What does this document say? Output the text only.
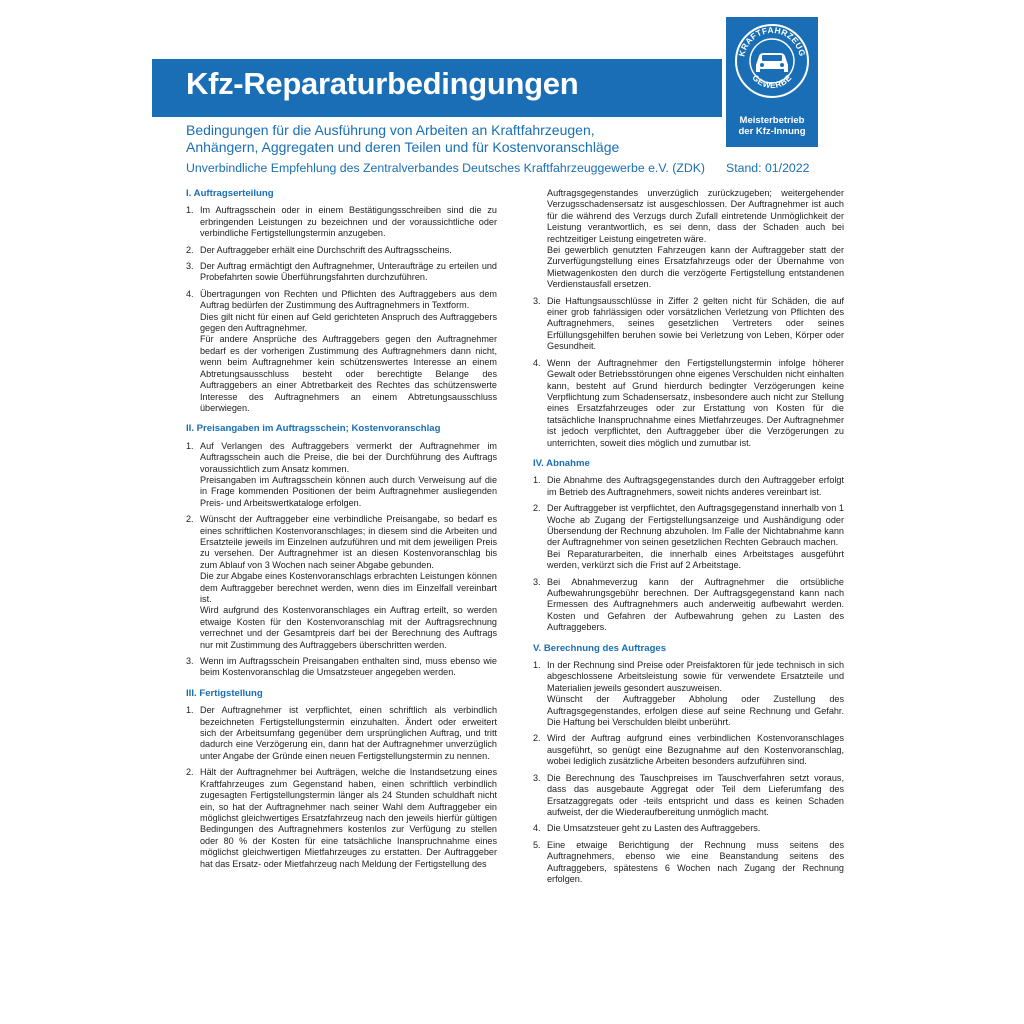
Kfz-Reparaturbedingungen
KRAFTFAHRZEUG
GEWERBE
Meisterbetrieb
der Kfz-Innung
Bedingungen für die Ausführung von Arbeiten an Kraftfahrzeugen,
Anhängern, Aggregaten und deren Teilen und für Kostenvoranschläge
Unverbindliche Empfehlung des Zentralverbandes Deutsches Kraftfahrzeuggewerbe e.V. (ZDK) Stand: 01/2022
I. Auftragserteilung
1. Im Auftragsschein oder in einem Bestätigungsschreiben sind die zu erbringenden Leistungen zu bezeichnen und der voraussichtliche oder verbindliche Fertigstellungstermin anzugeben.
2. Der Auftraggeber erhält eine Durchschrift des Auftragsscheins.
3. Der Auftrag ermächtigt den Auftragnehmer, Unteraufträge zu erteilen und Probefahrten sowie Überführungsfahrten durchzuführen.
4. Übertragungen von Rechten und Pflichten des Auftraggebers aus dem Auftrag bedürfen der Zustimmung des Auftragnehmers in Textform.
Dies gilt nicht für einen auf Geld gerichteten Anspruch des Auftraggebers gegen den Auftragnehmer.
Für andere Ansprüche des Auftraggebers gegen den Auftragnehmer bedarf es der vorherigen Zustimmung des Auftragnehmers dann nicht, wenn beim Auftragnehmer kein schützenswertes Interesse an einem Abtretungsausschluss besteht oder berechtigte Belange des Auftraggebers an einer Abtretbarkeit des Rechtes das schützenswerte Interesse des Auftragnehmers an einem Abtretungsausschluss überwiegen.
II. Preisangaben im Auftragsschein; Kostenvoranschlag
1. Auf Verlangen des Auftraggebers vermerkt der Auftragnehmer im Auftragsschein auch die Preise, die bei der Durchführung des Auftrags voraussichtlich zum Ansatz kommen.
Preisangaben im Auftragsschein können auch durch Verweisung auf die in Frage kommenden Positionen der beim Auftragnehmer ausliegenden Preis- und Arbeitswertkataloge erfolgen.
2. Wünscht der Auftraggeber eine verbindliche Preisangabe, so bedarf es eines schriftlichen Kostenvoranschlages; in diesem sind die Arbeiten und Ersatzteile jeweils im Einzelnen aufzuführen und mit dem jeweiligen Preis zu versehen. Der Auftragnehmer ist an diesen Kostenvoranschlag bis zum Ablauf von 3 Wochen nach seiner Abgabe gebunden.
Die zur Abgabe eines Kostenvoranschlags erbrachten Leistungen können dem Auftraggeber berechnet werden, wenn dies im Einzelfall vereinbart ist.
Wird aufgrund des Kostenvoranschlages ein Auftrag erteilt, so werden etwaige Kosten für den Kostenvoranschlag mit der Auftragsrechnung verrechnet und der Gesamtpreis darf bei der Berechnung des Auftrags nur mit Zustimmung des Auftraggebers überschritten werden.
3. Wenn im Auftragsschein Preisangaben enthalten sind, muss ebenso wie beim Kostenvoranschlag die Umsatzsteuer angegeben werden.
III. Fertigstellung
1. Der Auftragnehmer ist verpflichtet, einen schriftlich als verbindlich bezeichneten Fertigstellungstermin einzuhalten. Ändert oder erweitert sich der Arbeitsumfang gegenüber dem ursprünglichen Auftrag, und tritt dadurch eine Verzögerung ein, dann hat der Auftragnehmer unverzüglich unter Angabe der Gründe einen neuen Fertigstellungstermin zu nennen.
2. Hält der Auftragnehmer bei Aufträgen, welche die Instandsetzung eines Kraftfahrzeuges zum Gegenstand haben, einen schriftlich verbindlich zugesagten Fertigstellungstermin länger als 24 Stunden schuldhaft nicht ein, so hat der Auftragnehmer nach seiner Wahl dem Auftraggeber ein möglichst gleichwertiges Ersatzfahrzeug nach den jeweils hierfür gültigen Bedingungen des Auftragnehmers kostenlos zur Verfügung zu stellen oder 80 % der Kosten für eine tatsächliche Inanspruchnahme eines möglichst gleichwertigen Mietfahrzeuges zu erstatten. Der Auftraggeber hat das Ersatz- oder Mietfahrzeug nach Meldung der Fertigstellung des
Auftragsgegenstandes unverzüglich zurückzugeben; weitergehender Verzugsschadensersatz ist ausgeschlossen. Der Auftragnehmer ist auch für die während des Verzugs durch Zufall eintretende Unmöglichkeit der Leistung verantwortlich, es sei denn, dass der Schaden auch bei rechtzeitiger Leistung eingetreten wäre.
Bei gewerblich genutzten Fahrzeugen kann der Auftraggeber statt der Zurverfügungstellung eines Ersatzfahrzeugs oder der Übernahme von Mietwagenkosten den durch die verzögerte Fertigstellung entstandenen Verdienstausfall ersetzen.
3. Die Haftungsausschlüsse in Ziffer 2 gelten nicht für Schäden, die auf einer grob fahrlässigen oder vorsätzlichen Verletzung von Pflichten des Auftragnehmers, seines gesetzlichen Vertreters oder seines Erfüllungsgehilfen beruhen sowie bei Verletzung von Leben, Körper oder Gesundheit.
4. Wenn der Auftragnehmer den Fertigstellungstermin infolge höherer Gewalt oder Betriebsstörungen ohne eigenes Verschulden nicht einhalten kann, besteht auf Grund hierdurch bedingter Verzögerungen keine Verpflichtung zum Schadensersatz, insbesondere auch nicht zur Stellung eines Ersatzfahrzeuges oder zur Erstattung von Kosten für die tatsächliche Inanspruchnahme eines Mietfahrzeuges. Der Auftragnehmer ist jedoch verpflichtet, den Auftraggeber über die Verzögerungen zu unterrichten, soweit dies möglich und zumutbar ist.
IV. Abnahme
1. Die Abnahme des Auftragsgegenstandes durch den Auftraggeber erfolgt im Betrieb des Auftragnehmers, soweit nichts anderes vereinbart ist.
2. Der Auftraggeber ist verpflichtet, den Auftragsgegenstand innerhalb von 1 Woche ab Zugang der Fertigstellungsanzeige und Aushändigung oder Übersendung der Rechnung abzuholen. Im Falle der Nichtabnahme kann der Auftragnehmer von seinen gesetzlichen Rechten Gebrauch machen.
Bei Reparaturarbeiten, die innerhalb eines Arbeitstages ausgeführt werden, verkürzt sich die Frist auf 2 Arbeitstage.
3. Bei Abnahmeverzug kann der Auftragnehmer die ortsübliche Aufbewahrungsgebühr berechnen. Der Auftragsgegenstand kann nach Ermessen des Auftragnehmers auch anderweitig aufbewahrt werden. Kosten und Gefahren der Aufbewahrung gehen zu Lasten des Auftraggebers.
V. Berechnung des Auftrages
1. In der Rechnung sind Preise oder Preisfaktoren für jede technisch in sich abgeschlossene Arbeitsleistung sowie für verwendete Ersatzteile und Materialien jeweils gesondert auszuweisen.
Wünscht der Auftraggeber Abholung oder Zustellung des Auftragsgegenstandes, erfolgen diese auf seine Rechnung und Gefahr. Die Haftung bei Verschulden bleibt unberührt.
2. Wird der Auftrag aufgrund eines verbindlichen Kostenvoranschlages ausgeführt, so genügt eine Bezugnahme auf den Kostenvoranschlag, wobei lediglich zusätzliche Arbeiten besonders aufzuführen sind.
3. Die Berechnung des Tauschpreises im Tauschverfahren setzt voraus, dass das ausgebaute Aggregat oder Teil dem Lieferumfang des Ersatzaggregats oder -teils entspricht und dass es keinen Schaden aufweist, der die Wiederaufbereitung unmöglich macht.
4. Die Umsatzsteuer geht zu Lasten des Auftraggebers.
5. Eine etwaige Berichtigung der Rechnung muss seitens des Auftragnehmers, ebenso wie eine Beanstandung seitens des Auftraggebers, spätestens 6 Wochen nach Zugang der Rechnung erfolgen.
